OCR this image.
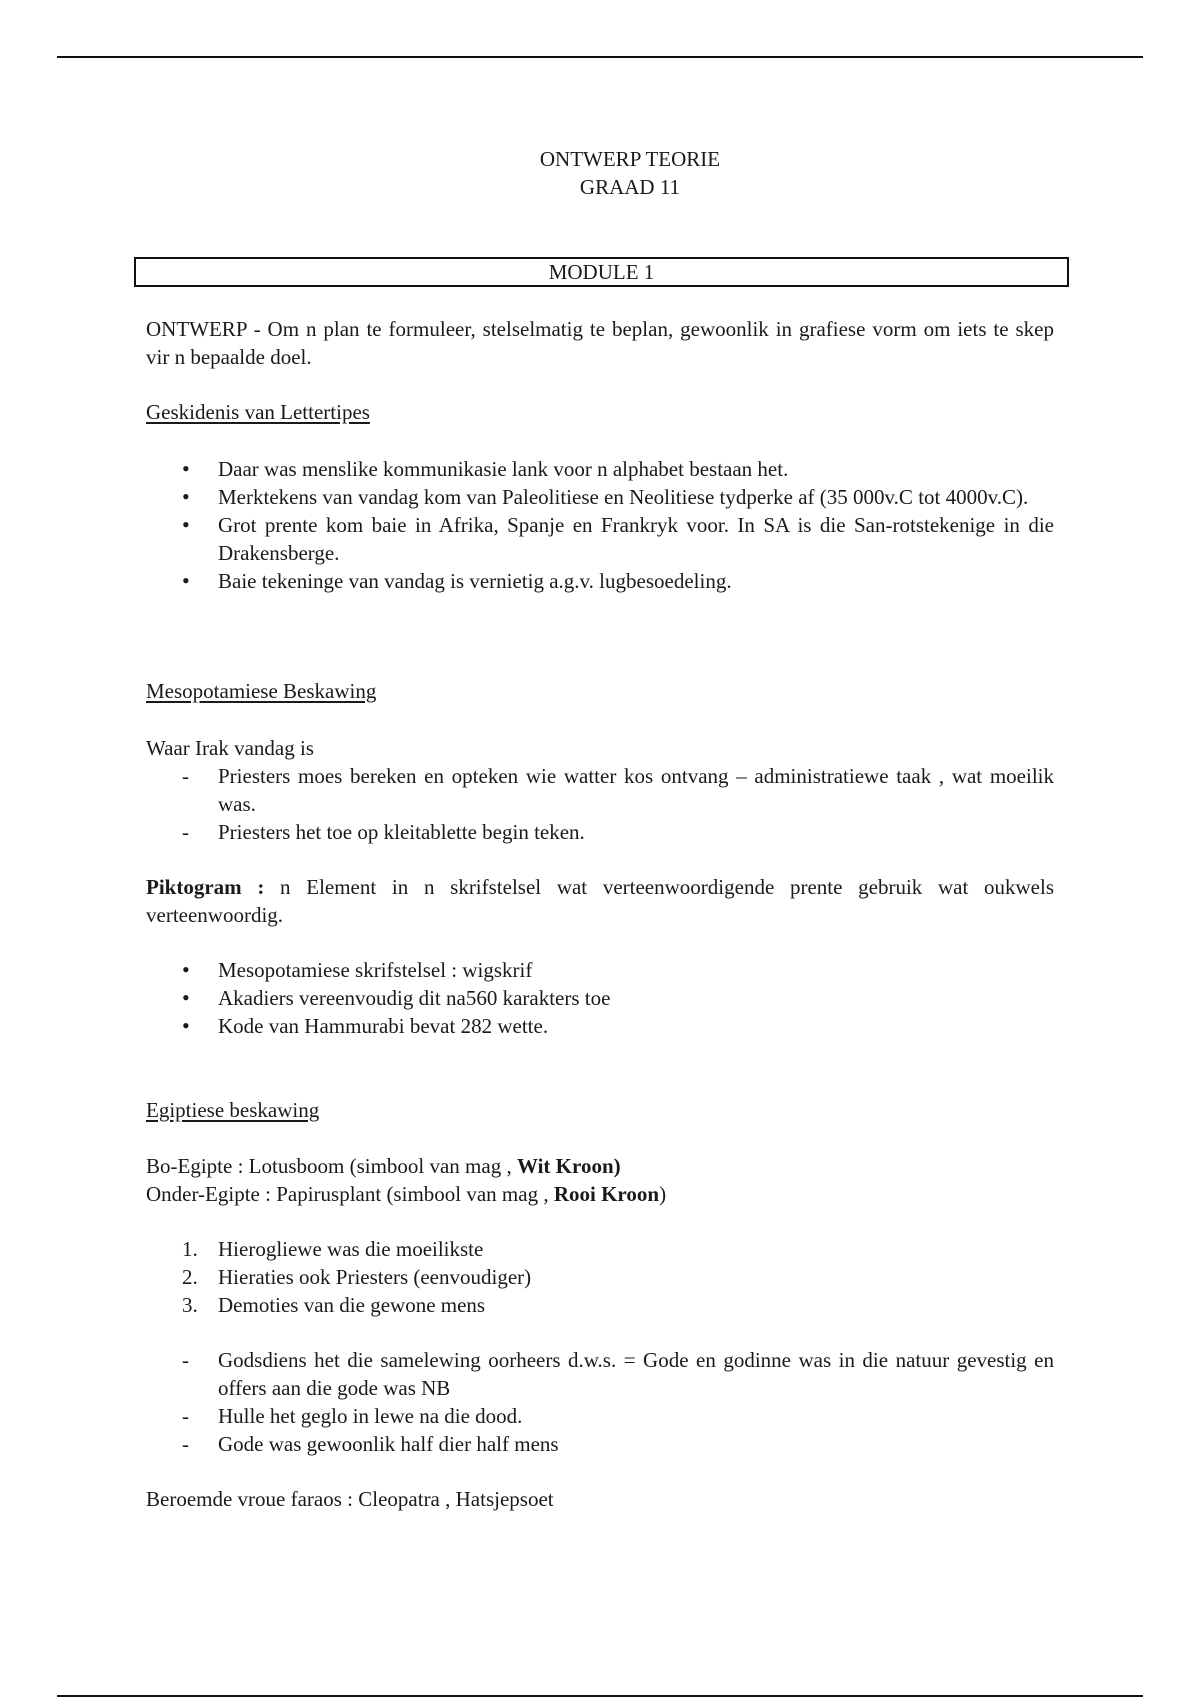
ONTWERP TEORIE
GRAAD 11
MODULE 1
ONTWERP - Om n plan te formuleer, stelselmatig te beplan, gewoonlik in grafiese vorm om iets te skep vir n bepaalde doel.
Geskidenis van Lettertipes
• Daar was menslike kommunikasie lank voor n alphabet bestaan het.
• Merktekens van vandag kom van Paleolitiese en Neolitiese tydperke af (35 000v.C tot 4000v.C).
• Grot prente kom baie in Afrika, Spanje en Frankryk voor. In SA is die San-rotstekenige in die Drakensberge.
• Baie tekeninge van vandag is vernietig a.g.v. lugbesoedeling.
Mesopotamiese Beskawing
Waar Irak vandag is
- Priesters moes bereken en opteken wie watter kos ontvang – administratiewe taak , wat moeilik was.
- Priesters het toe op kleitablette begin teken.
Piktogram : n Element in n skrifstelsel wat verteenwoordigende prente gebruik wat oukwels verteenwoordig.
• Mesopotamiese skrifstelsel : wigskrif
• Akadiers vereenvoudig dit na560 karakters toe
• Kode van Hammurabi bevat 282 wette.
Egiptiese beskawing
Bo-Egipte : Lotusboom (simbool van mag , Wit Kroon)
Onder-Egipte : Papirusplant (simbool van mag , Rooi Kroon)
1. Hierogliewe was die moeilikste
2. Hieraties ook Priesters (eenvoudiger)
3. Demoties van die gewone mens
- Godsdiens het die samelewing oorheers d.w.s. = Gode en godinne was in die natuur gevestig en offers aan die gode was NB
- Hulle het geglo in lewe na die dood.
- Gode was gewoonlik half dier half mens
Beroemde vroue faraos : Cleopatra , Hatsjepsoet
